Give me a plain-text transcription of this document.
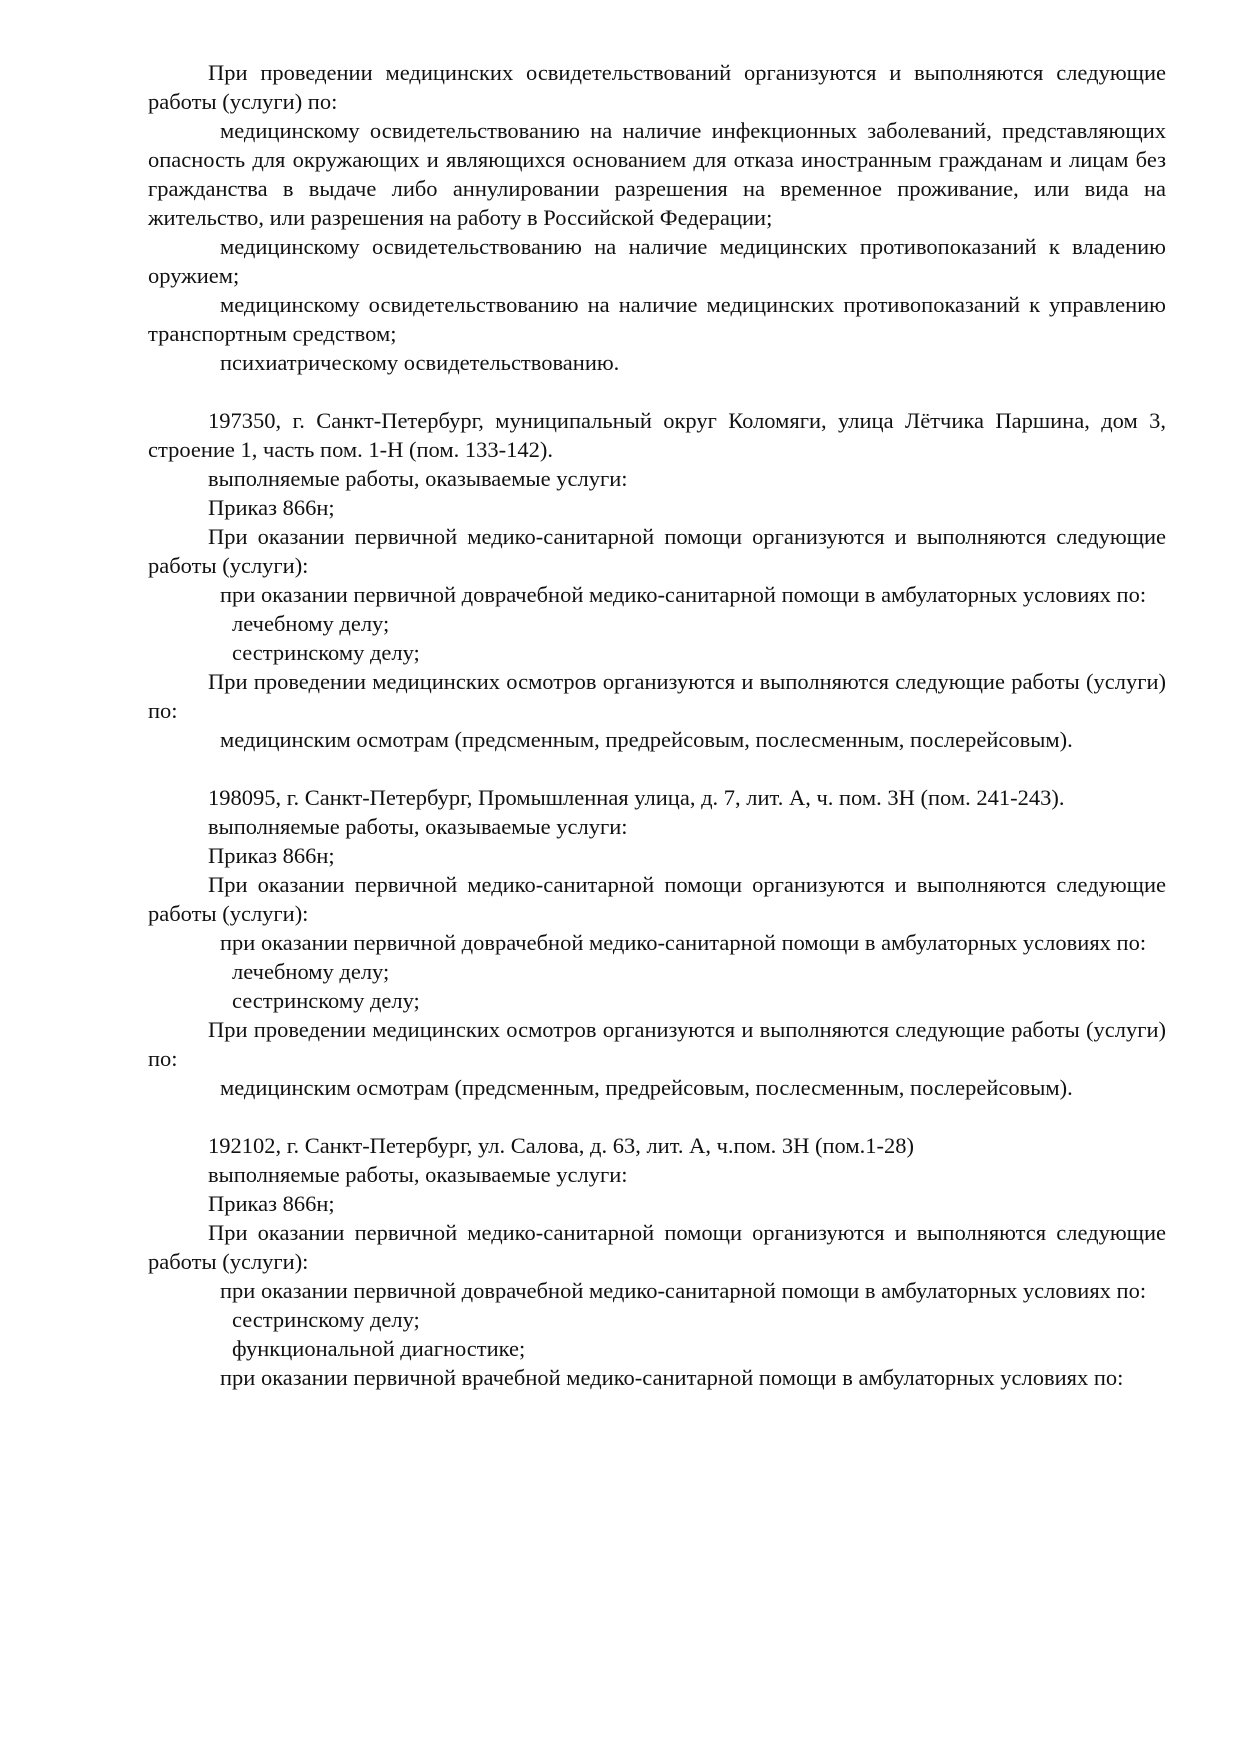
При проведении медицинских освидетельствований организуются и выполняются следующие работы (услуги) по:

медицинскому освидетельствованию на наличие инфекционных заболеваний, представляющих опасность для окружающих и являющихся основанием для отказа иностранным гражданам и лицам без гражданства в выдаче либо аннулировании разрешения на временное проживание, или вида на жительство, или разрешения на работу в Российской Федерации;

медицинскому освидетельствованию на наличие медицинских противопоказаний к владению оружием;

медицинскому освидетельствованию на наличие медицинских противопоказаний к управлению транспортным средством;

психиатрическому освидетельствованию.

197350, г. Санкт-Петербург, муниципальный округ Коломяги, улица Лётчика Паршина, дом 3, строение 1, часть пом. 1-Н (пом. 133-142).

выполняемые работы, оказываемые услуги:

Приказ 866н;

При оказании первичной медико-санитарной помощи организуются и выполняются следующие работы (услуги):

при оказании первичной доврачебной медико-санитарной помощи в амбулаторных условиях по:

лечебному делу;

сестринскому делу;

При проведении медицинских осмотров организуются и выполняются следующие работы (услуги) по:

медицинским осмотрам (предсменным, предрейсовым, послесменным, послерейсовым).

198095, г. Санкт-Петербург, Промышленная улица, д. 7, лит. А, ч. пом. 3Н (пом. 241-243).

выполняемые работы, оказываемые услуги:

Приказ 866н;

При оказании первичной медико-санитарной помощи организуются и выполняются следующие работы (услуги):

при оказании первичной доврачебной медико-санитарной помощи в амбулаторных условиях по:

лечебному делу;

сестринскому делу;

При проведении медицинских осмотров организуются и выполняются следующие работы (услуги) по:

медицинским осмотрам (предсменным, предрейсовым, послесменным, послерейсовым).

192102, г. Санкт-Петербург, ул. Салова, д. 63, лит. А, ч.пом. 3Н (пом.1-28)

выполняемые работы, оказываемые услуги:

Приказ 866н;

При оказании первичной медико-санитарной помощи организуются и выполняются следующие работы (услуги):

при оказании первичной доврачебной медико-санитарной помощи в амбулаторных условиях по:

сестринскому делу;

функциональной диагностике;

при оказании первичной врачебной медико-санитарной помощи в амбулаторных условиях по:
